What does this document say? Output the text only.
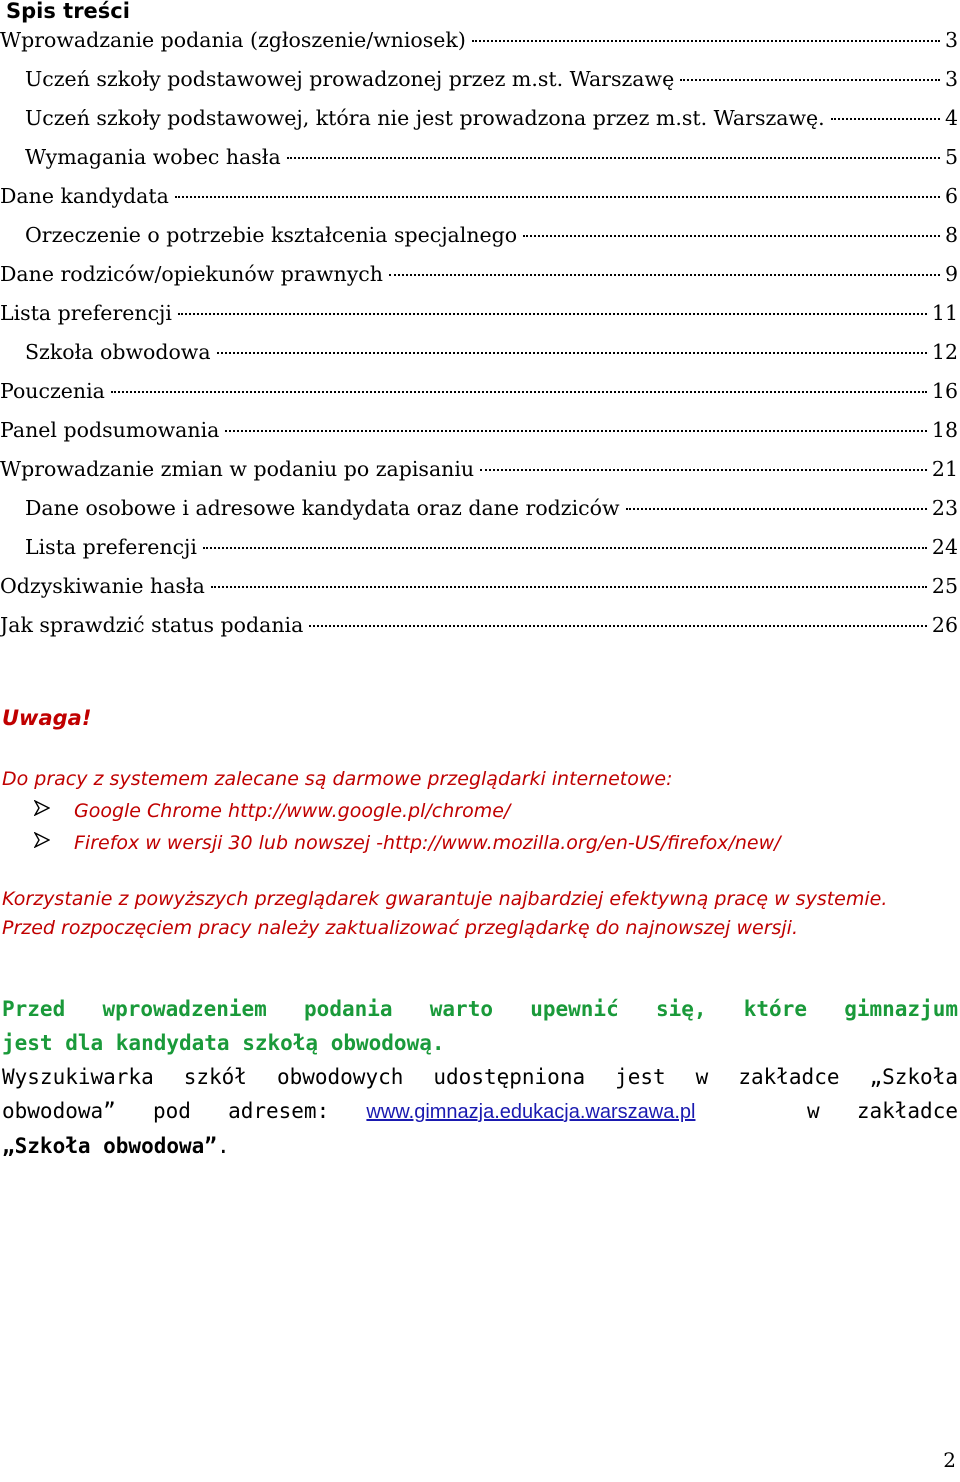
Spis treści
Wprowadzanie podania (zgłoszenie/wniosek)	3
Uczeń szkoły podstawowej prowadzonej przez m.st. Warszawę	3
Uczeń szkoły podstawowej, która nie jest prowadzona przez m.st. Warszawę.	4
Wymagania wobec hasła	5
Dane kandydata	6
Orzeczenie o potrzebie kształcenia specjalnego	8
Dane rodziców/opiekunów prawnych	9
Lista preferencji	11
Szkoła obwodowa	12
Pouczenia	16
Panel podsumowania	18
Wprowadzanie zmian w podaniu po zapisaniu	21
Dane osobowe i adresowe kandydata oraz dane rodziców	23
Lista preferencji	24
Odzyskiwanie hasła	25
Jak sprawdzić status podania	26

Uwaga!

Do pracy z systemem zalecane są darmowe przeglądarki internetowe:

Google Chrome http://www.google.pl/chrome/
Firefox w wersji 30 lub nowszej -http://www.mozilla.org/en-US/firefox/new/

Korzystanie z powyższych przeglądarek gwarantuje najbardziej efektywną pracę w systemie.
Przed rozpoczęciem pracy należy zaktualizować przeglądarkę do najnowszej wersji.

Przed wprowadzeniem podania warto upewnić się, które gimnazjum
jest dla kandydata szkołą obwodową.
Wyszukiwarka szkół obwodowych udostępniona jest w zakładce „Szkoła
obwodowa” pod adresem: www.gimnazja.edukacja.warszawa.pl	w zakładce
„Szkoła obwodowa”.
2
